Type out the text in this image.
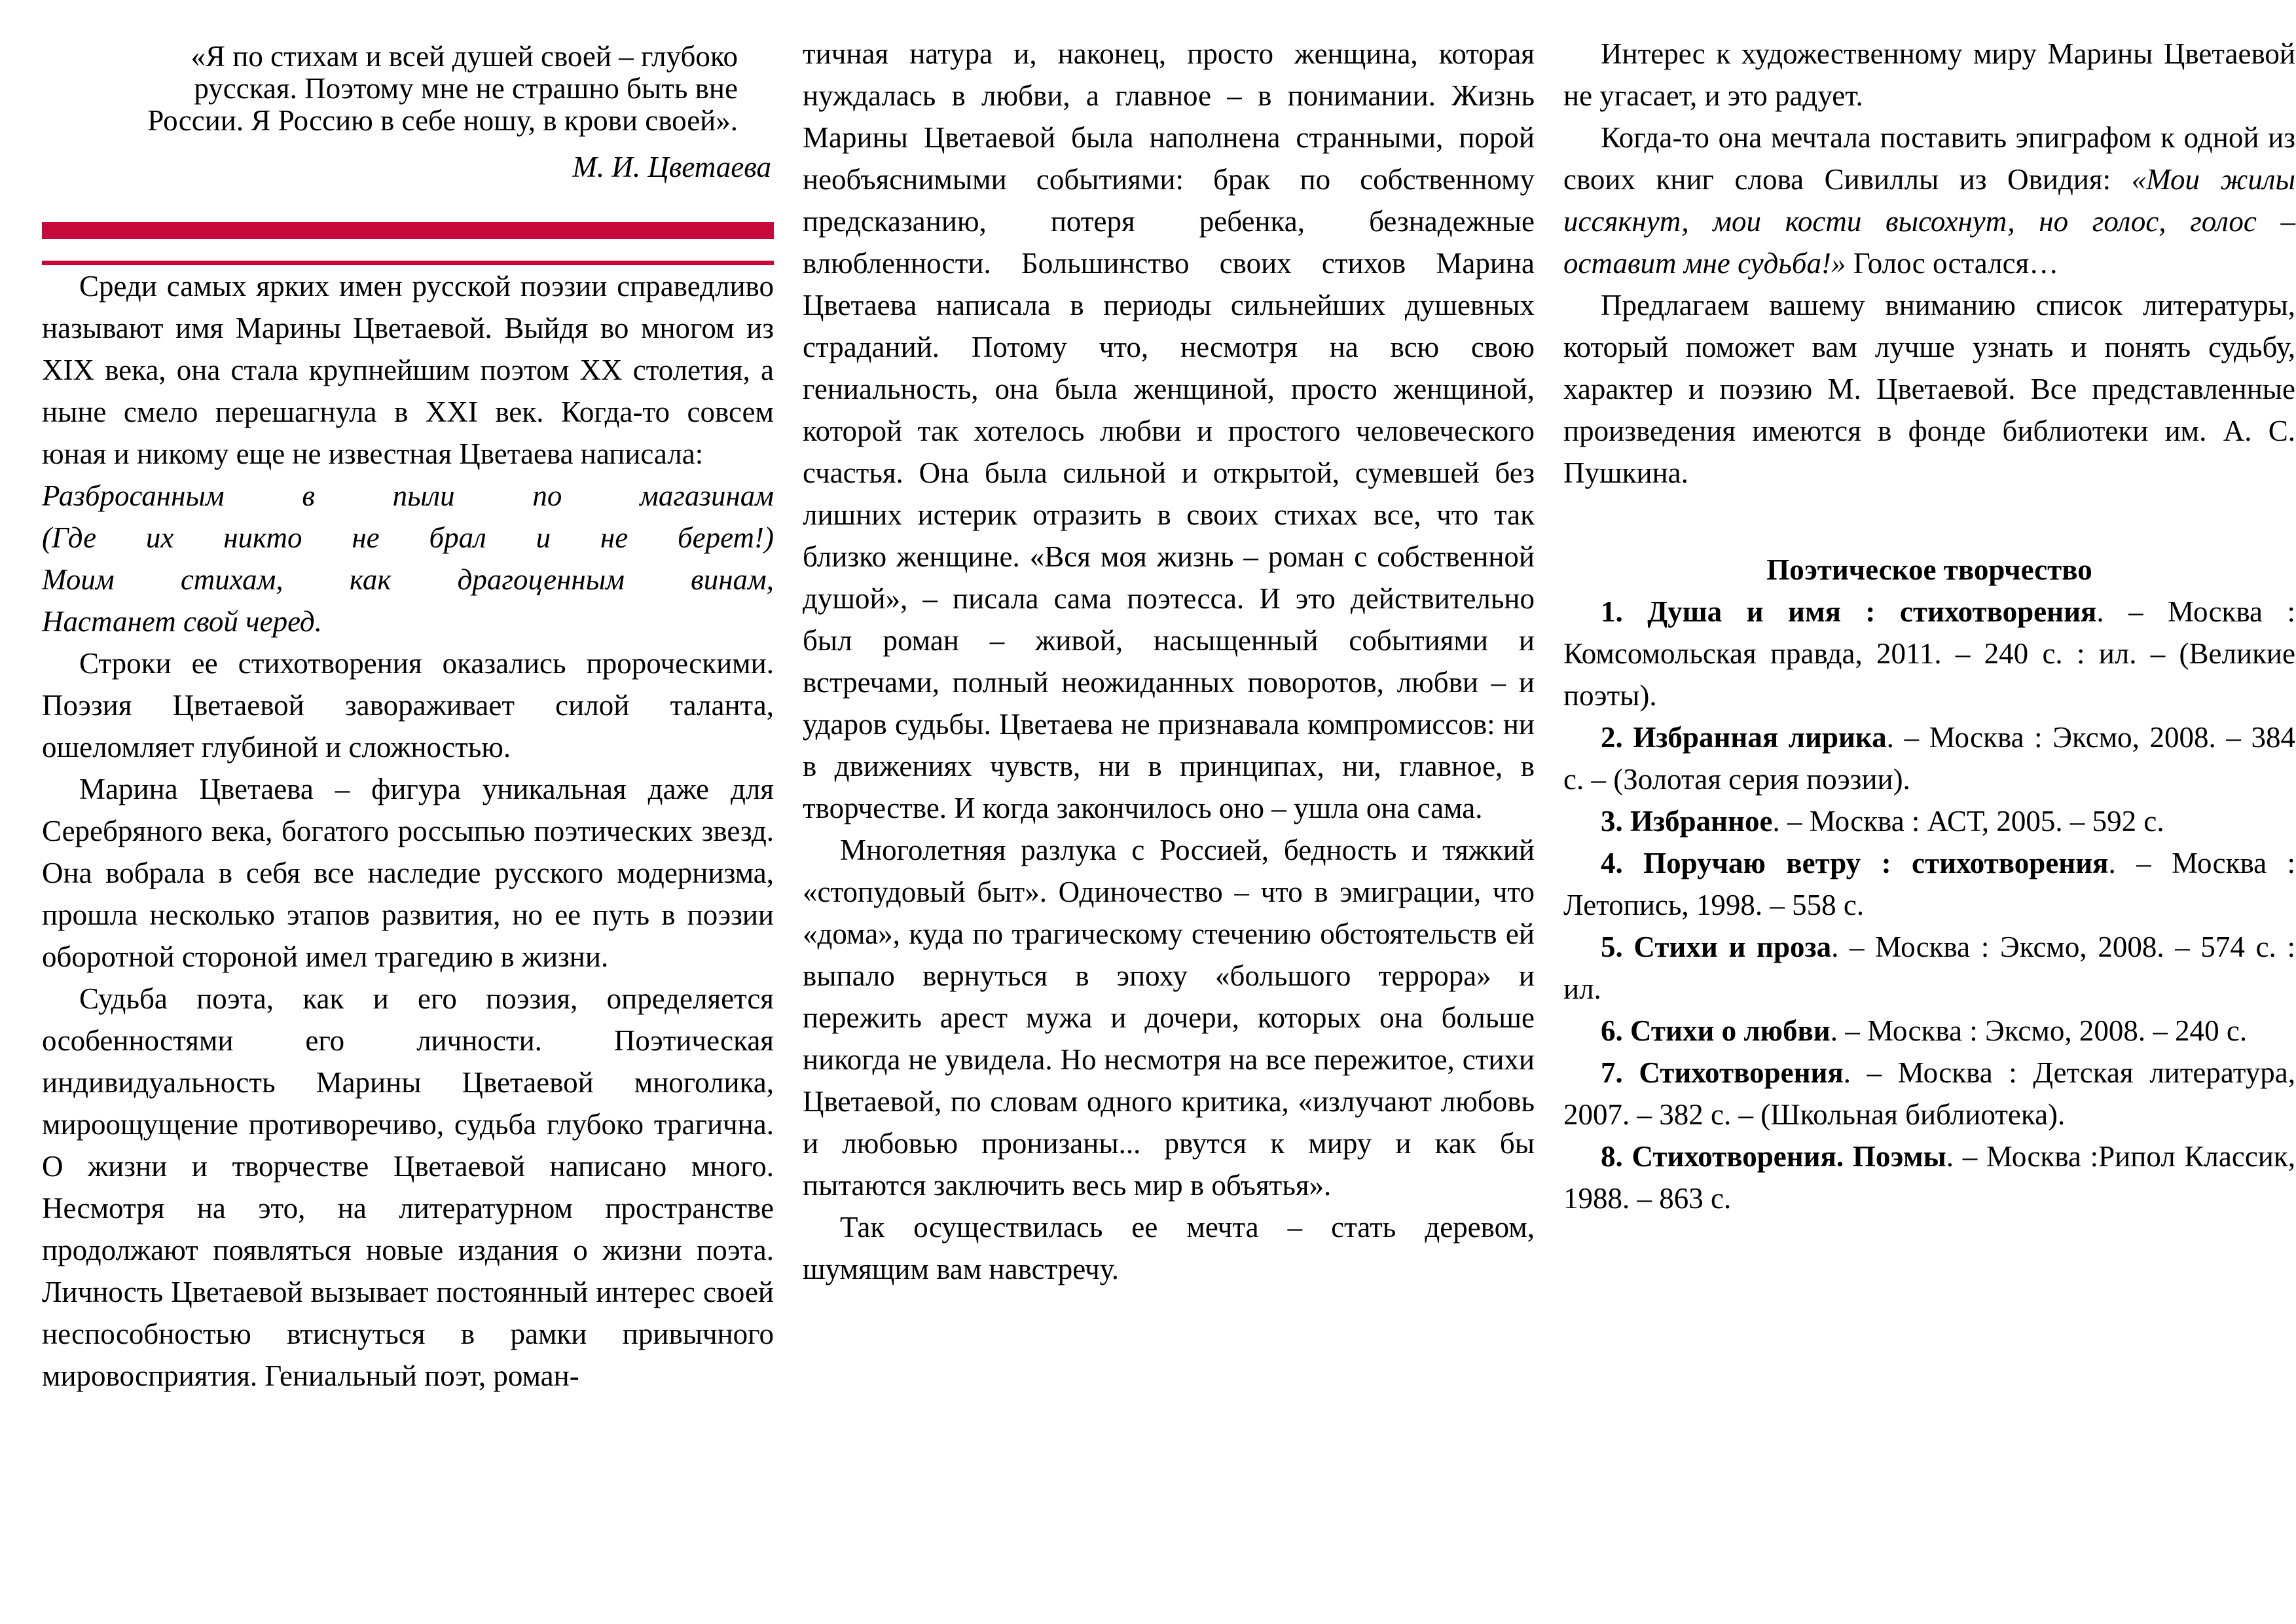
«Я по стихам и всей душей своей – глубоко русская. Поэтому мне не страшно быть вне России. Я Россию в себе ношу, в крови своей».
М. И. Цветаева

Среди самых ярких имен русской поэзии справедливо называют имя Марины Цветаевой. Выйдя во многом из XIX века, она стала крупнейшим поэтом XX столетия, а ныне смело перешагнула в XXI век. Когда-то совсем юная и никому еще не известная Цветаева написала:

Разбросанным в пыли по магазинам
(Где их никто не брал и не берет!)
Моим стихам, как драгоценным винам,
Настанет свой черед.

Строки ее стихотворения оказались пророческими. Поэзия Цветаевой завораживает силой таланта, ошеломляет глубиной и сложностью.

Марина Цветаева – фигура уникальная даже для Серебряного века, богатого россыпью поэтических звезд. Она вобрала в себя все наследие русского модернизма, прошла несколько этапов развития, но ее путь в поэзии оборотной стороной имел трагедию в жизни.

Судьба поэта, как и его поэзия, определяется особенностями его личности. Поэтическая индивидуальность Марины Цветаевой многолика, мироощущение противоречиво, судьба глубоко трагична. О жизни и творчестве Цветаевой написано много. Несмотря на это, на литературном пространстве продолжают появляться новые издания о жизни поэта. Личность Цветаевой вызывает постоянный интерес своей неспособностью втиснуться в рамки привычного мировосприятия. Гениальный поэт, роман-

тичная натура и, наконец, просто женщина, которая нуждалась в любви, а главное – в понимании. Жизнь Марины Цветаевой была наполнена странными, порой необъяснимыми событиями: брак по собственному предсказанию, потеря ребенка, безнадежные влюбленности. Большинство своих стихов Марина Цветаева написала в периоды сильнейших душевных страданий. Потому что, несмотря на всю свою гениальность, она была женщиной, просто женщиной, которой так хотелось любви и простого человеческого счастья. Она была сильной и открытой, сумевшей без лишних истерик отразить в своих стихах все, что так близко женщине. «Вся моя жизнь – роман с собственной душой», – писала сама поэтесса. И это действительно был роман – живой, насыщенный событиями и встречами, полный неожиданных поворотов, любви – и ударов судьбы. Цветаева не признавала компромиссов: ни в движениях чувств, ни в принципах, ни, главное, в творчестве. И когда закончилось оно – ушла она сама.

Многолетняя разлука с Россией, бедность и тяжкий «стопудовый быт». Одиночество – что в эмиграции, что «дома», куда по трагическому стечению обстоятельств ей выпало вернуться в эпоху «большого террора» и пережить арест мужа и дочери, которых она больше никогда не увидела. Но несмотря на все пережитое, стихи Цветаевой, по словам одного критика, «излучают любовь и любовью пронизаны... рвутся к миру и как бы пытаются заключить весь мир в объятья».

Так осуществилась ее мечта – стать деревом, шумящим вам навстречу.

Интерес к художественному миру Марины Цветаевой не угасает, и это радует.

Когда-то она мечтала поставить эпиграфом к одной из своих книг слова Сивиллы из Овидия: «Мои жилы иссякнут, мои кости высохнут, но голос, голос – оставит мне судьба!» Голос остался…

Предлагаем вашему вниманию список литературы, который поможет вам лучше узнать и понять судьбу, характер и поэзию М. Цветаевой. Все представленные произведения имеются в фонде библиотеки им. А. С. Пушкина.

Поэтическое творчество

1. Душа и имя : стихотворения. – Москва : Комсомольская правда, 2011. – 240 с. : ил. – (Великие поэты).

2. Избранная лирика. – Москва : Эксмо, 2008. – 384 с. – (Золотая серия поэзии).

3. Избранное. – Москва : АСТ, 2005. – 592 с.

4. Поручаю ветру : стихотворения. – Москва : Летопись, 1998. – 558 с.

5. Стихи и проза. – Москва : Эксмо, 2008. – 574 с. : ил.

6. Стихи о любви. – Москва : Эксмо, 2008. – 240 с.

7. Стихотворения. – Москва : Детская литература, 2007. – 382 с. – (Школьная библиотека).

8. Стихотворения. Поэмы. – Москва :Рипол Классик, 1988. – 863 с.
